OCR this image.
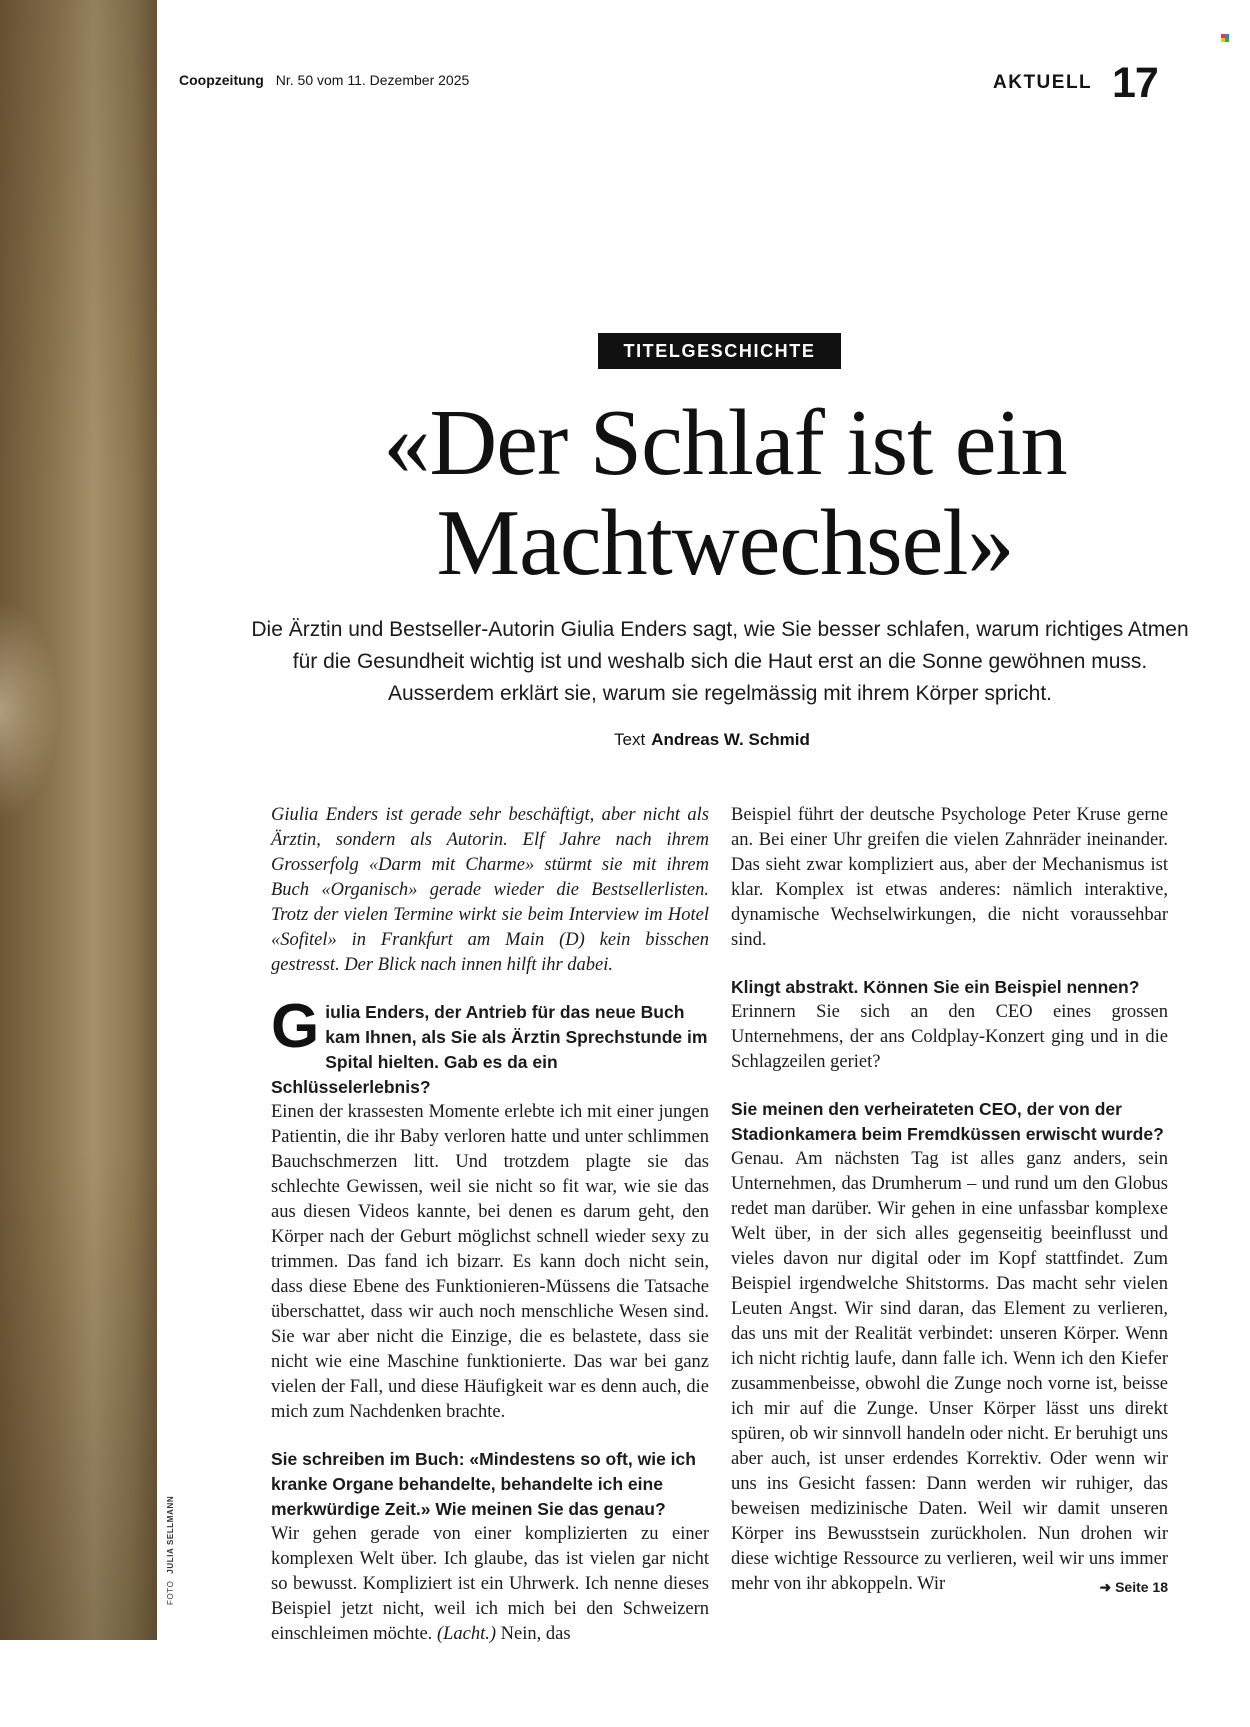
FOTO JULIA SELLMANN
Coopzeitung Nr. 50 vom 11. Dezember 2025	AKTUELL 17
TITELGESCHICHTE
«Der Schlaf ist ein Machtwechsel»

Die Ärztin und Bestseller-Autorin Giulia Enders sagt, wie Sie besser schlafen, warum richtiges Atmen für die Gesundheit wichtig ist und weshalb sich die Haut erst an die Sonne gewöhnen muss. Ausserdem erklärt sie, warum sie regelmässig mit ihrem Körper spricht.

Text Andreas W. Schmid

Giulia Enders ist gerade sehr beschäftigt, aber nicht als Ärztin, sondern als Autorin. Elf Jahre nach ihrem Grosserfolg «Darm mit Charme» stürmt sie mit ihrem Buch «Organisch» gerade wieder die Bestsellerlisten. Trotz der vielen Termine wirkt sie beim Interview im Hotel «Sofitel» in Frankfurt am Main (D) kein bisschen gestresst. Der Blick nach innen hilft ihr dabei.

Giulia Enders, der Antrieb für das neue Buch kam Ihnen, als Sie als Ärztin Sprechstunde im Spital hielten. Gab es da ein Schlüsselerlebnis?

Einen der krassesten Momente erlebte ich mit einer jungen Patientin, die ihr Baby verloren hatte und unter schlimmen Bauchschmerzen litt. Und trotzdem plagte sie das schlechte Gewissen, weil sie nicht so fit war, wie sie das aus diesen Videos kannte, bei denen es darum geht, den Körper nach der Geburt möglichst schnell wieder sexy zu trimmen. Das fand ich bizarr. Es kann doch nicht sein, dass diese Ebene des Funktionieren-Müssens die Tatsache überschattet, dass wir auch noch menschliche Wesen sind. Sie war aber nicht die Einzige, die es belastete, dass sie nicht wie eine Maschine funktionierte. Das war bei ganz vielen der Fall, und diese Häufigkeit war es denn auch, die mich zum Nachdenken brachte.

Sie schreiben im Buch: «Mindestens so oft, wie ich kranke Organe behandelte, behandelte ich eine merkwürdige Zeit.» Wie meinen Sie das genau?

Wir gehen gerade von einer komplizierten zu einer komplexen Welt über. Ich glaube, das ist vielen gar nicht so bewusst. Kompliziert ist ein Uhrwerk. Ich nenne dieses Beispiel jetzt nicht, weil ich mich bei den Schweizern einschleimen möchte. (Lacht.) Nein, das

Beispiel führt der deutsche Psychologe Peter Kruse gerne an. Bei einer Uhr greifen die vielen Zahnräder ineinander. Das sieht zwar kompliziert aus, aber der Mechanismus ist klar. Komplex ist etwas anderes: nämlich interaktive, dynamische Wechselwirkungen, die nicht voraussehbar sind.

Klingt abstrakt. Können Sie ein Beispiel nennen?

Erinnern Sie sich an den CEO eines grossen Unternehmens, der ans Coldplay-Konzert ging und in die Schlagzeilen geriet?

Sie meinen den verheirateten CEO, der von der Stadionkamera beim Fremdküssen erwischt wurde?

Genau. Am nächsten Tag ist alles ganz anders, sein Unternehmen, das Drumherum – und rund um den Globus redet man darüber. Wir gehen in eine unfassbar komplexe Welt über, in der sich alles gegenseitig beeinflusst und vieles davon nur digital oder im Kopf stattfindet. Zum Beispiel irgendwelche Shitstorms. Das macht sehr vielen Leuten Angst. Wir sind daran, das Element zu verlieren, das uns mit der Realität verbindet: unseren Körper. Wenn ich nicht richtig laufe, dann falle ich. Wenn ich den Kiefer zusammenbeisse, obwohl die Zunge noch vorne ist, beisse ich mir auf die Zunge. Unser Körper lässt uns direkt spüren, ob wir sinnvoll handeln oder nicht. Er beruhigt uns aber auch, ist unser erdendes Korrektiv. Oder wenn wir uns ins Gesicht fassen: Dann werden wir ruhiger, das beweisen medizinische Daten. Weil wir damit unseren Körper ins Bewusstsein zurückholen. Nun drohen wir diese wichtige Ressource zu verlieren, weil wir uns immer mehr von ihr abkoppeln. Wir	➜ Seite 18
